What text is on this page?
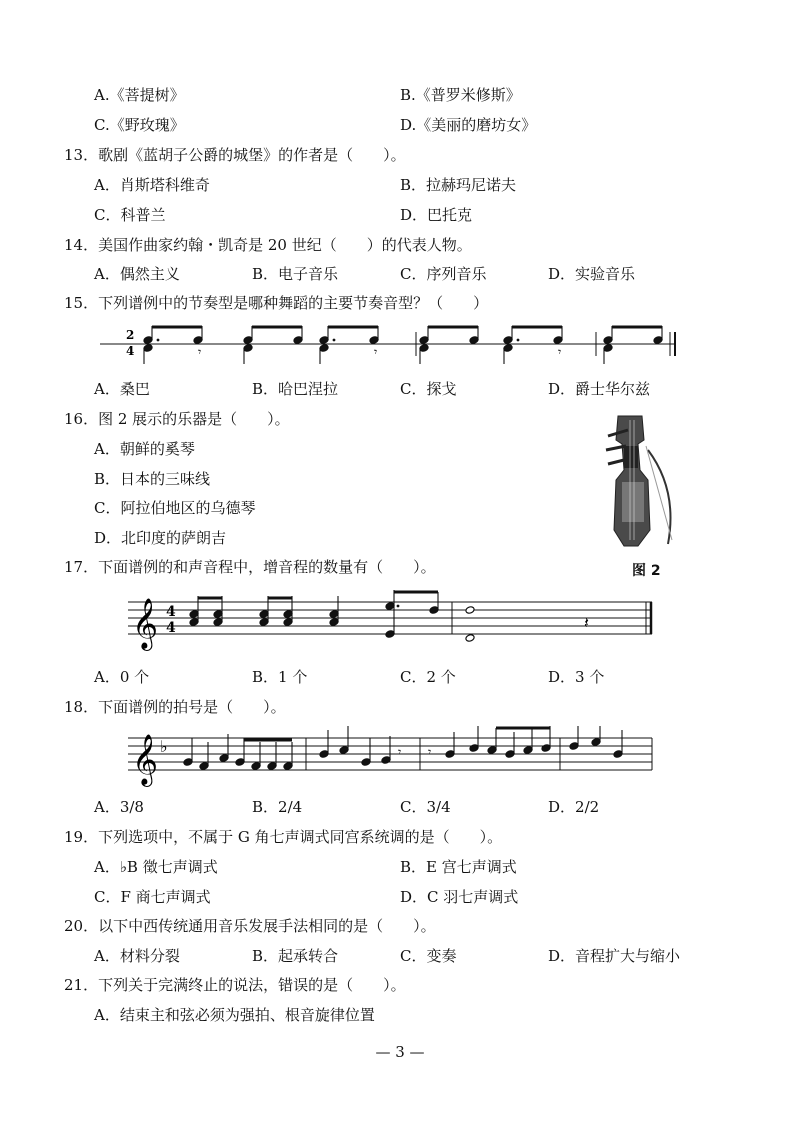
A.《菩提树》	B.《普罗米修斯》
C.《野玫瑰》	D.《美丽的磨坊女》
13．歌剧《蓝胡子公爵的城堡》的作者是（　　）。
A．肖斯塔科维奇	B．拉赫玛尼诺夫
C．科普兰	D．巴托克
14．美国作曲家约翰・凯奇是 20 世纪（　　）的代表人物。
A．偶然主义	B．电子音乐	C．序列音乐	D．实验音乐
15．下列谱例中的节奏型是哪种舞蹈的主要节奏音型？（　　）
2
4	𝄾	𝄾	𝄾
A．桑巴	B．哈巴涅拉	C．探戈	D．爵士华尔兹
16．图 2 展示的乐器是（　　）。
A．朝鲜的奚琴
B．日本的三味线
C．阿拉伯地区的乌德琴
D．北印度的萨朗吉
图 2
17．下面谱例的和声音程中，增音程的数量有（　　）。
𝄞 4
4	𝄽
A．0 个	B．1 个	C．2 个	D．3 个
18．下面谱例的拍号是（　　）。
𝄞 ♭	𝄾 𝄾
A．3/8	B．2/4	C．3/4	D．2/2
19．下列选项中，不属于 G 角七声调式同宫系统调的是（　　）。
A．♭B 徵七声调式	B．E 宫七声调式
C．F 商七声调式	D．C 羽七声调式
20．以下中西传统通用音乐发展手法相同的是（　　）。
A．材料分裂	B．起承转合	C．变奏	D．音程扩大与缩小
21．下列关于完满终止的说法，错误的是（　　）。
A．结束主和弦必须为强拍、根音旋律位置
— 3 —
